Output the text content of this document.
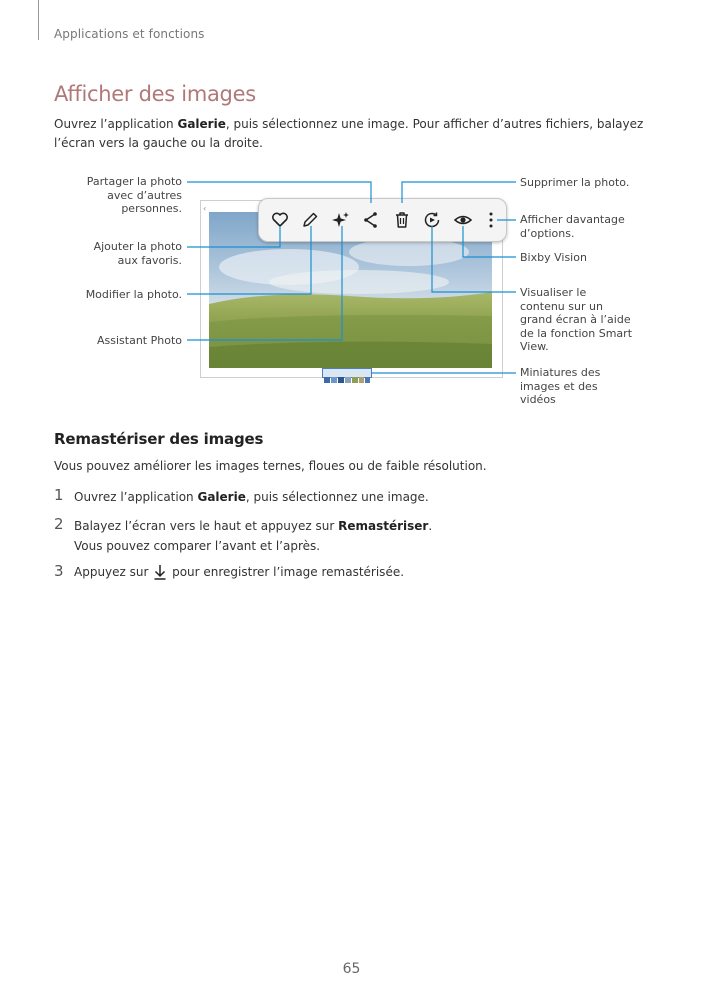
Applications et fonctions
Afficher des images

Ouvrez l’application Galerie, puis sélectionnez une image. Pour afficher d’autres fichiers, balayez l’écran vers la gauche ou la droite.

‹
Partager la photo avec d’autres personnes.
Ajouter la photo aux favoris.
Modifier la photo.
Assistant Photo
Supprimer la photo.
Afficher davantage d’options.
Bixby Vision
Visualiser le contenu sur un grand écran à l’aide de la fonction Smart View.
Miniatures des images et des vidéos
Remastériser des images

Vous pouvez améliorer les images ternes, floues ou de faible résolution.

1 Ouvrez l’application Galerie, puis sélectionnez une image.

2 Balayez l’écran vers le haut et appuyez sur Remastériser.

Vous pouvez comparer l’avant et l’après.

3 Appuyez sur  pour enregistrer l’image remastérisée.

65
